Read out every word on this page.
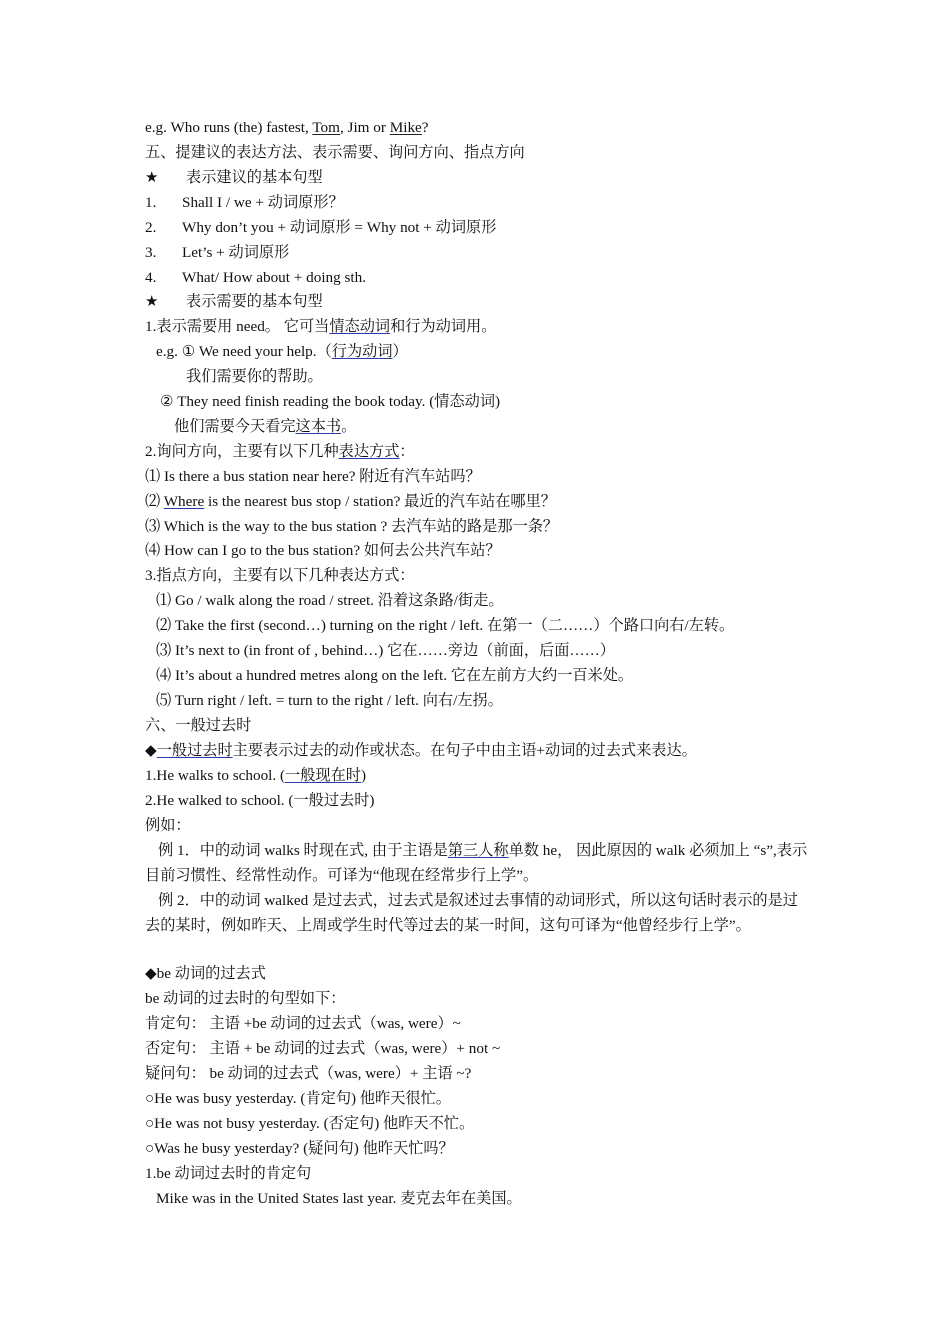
e.g. Who runs (the) fastest, Tom, Jim or Mike?
五、提建议的表达方法、表示需要、询问方向、指点方向
★ 表示建议的基本句型
1. Shall I / we + 动词原形？
2. Why don’t you + 动词原形 = Why not + 动词原形
3. Let’s + 动词原形
4. What/ How about + doing sth.
★ 表示需要的基本句型
1.表示需要用 need。 它可当情态动词和行为动词用。
e.g. ① We need your help.（行为动词）
我们需要你的帮助。
② They need finish reading the book today. (情态动词)
他们需要今天看完这本书。
2.询问方向，主要有以下几种表达方式：
⑴ Is there a bus station near here? 附近有汽车站吗？
⑵ Where is the nearest bus stop / station? 最近的汽车站在哪里？
⑶ Which is the way to the bus station ? 去汽车站的路是那一条？
⑷ How can I go to the bus station? 如何去公共汽车站？
3.指点方向，主要有以下几种表达方式：
⑴ Go / walk along the road / street. 沿着这条路/街走。
⑵ Take the first (second…) turning on the right / left. 在第一（二……）个路口向右/左转。
⑶ It’s next to (in front of , behind…) 它在……旁边（前面，后面……）
⑷ It’s about a hundred metres along on the left. 它在左前方大约一百米处。
⑸ Turn right / left. = turn to the right / left. 向右/左拐。
六、一般过去时
◆一般过去时主要表示过去的动作或状态。在句子中由主语+动词的过去式来表达。
1.He walks to school. (一般现在时)
2.He walked to school. (一般过去时)
例如：
例 1．中的动词 walks 时现在式, 由于主语是第三人称单数 he， 因此原因的 walk 必须加上 “s”,表示目前习惯性、经常性动作。可译为“他现在经常步行上学”。
例 2．中的动词 walked 是过去式，过去式是叙述过去事情的动词形式，所以这句话时表示的是过去的某时，例如昨天、上周或学生时代等过去的某一时间，这句可译为“他曾经步行上学”。
◆be 动词的过去式
be 动词的过去时的句型如下：
肯定句： 主语 +be 动词的过去式（was, were）~
否定句： 主语 + be 动词的过去式（was, were）+ not ~
疑问句： be 动词的过去式（was, were）+ 主语 ~?
○He was busy yesterday. (肯定句) 他昨天很忙。
○He was not busy yesterday. (否定句) 他昨天不忙。
○Was he busy yesterday? (疑问句) 他昨天忙吗？
1.be 动词过去时的肯定句
Mike was in the United States last year. 麦克去年在美国。
